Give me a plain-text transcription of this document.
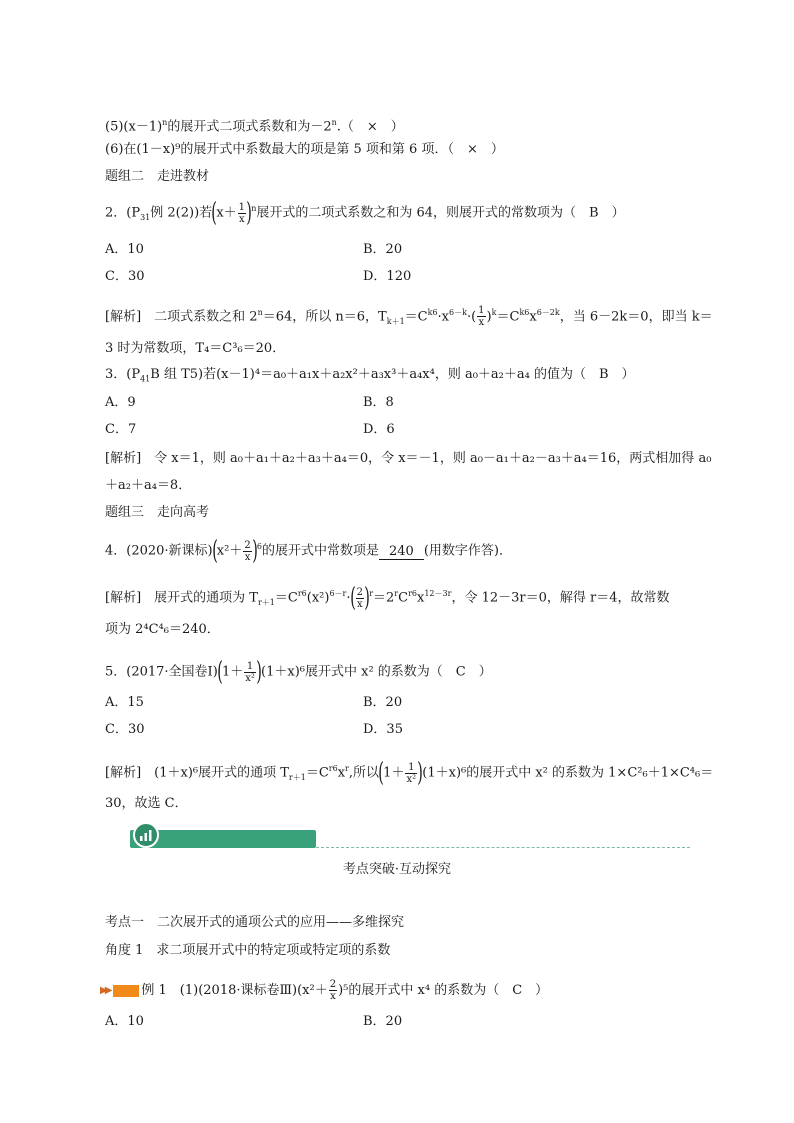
$(5)(x-1)^n$的展开式二项式系数和为$-2^n$.（　×　）
(6)在(1－x)⁹的展开式中系数最大的项是第 5 项和第 6 项．（　×　）
题组二　走进教材
2．($P_{31}$例 2(2))若$(x+ \frac{1}{x} )^n$展开式的二项式系数之和为 64，则展开式的常数项为（　B　）
A．10	B．20
C．30	D．120
[解析]　二项式系数之和 $2^n=64$，所以 n＝6，$T_{k+1}=C^{k6}\cdot x^{6-k}\cdot( \frac{1}{x} )^k=C^{k6}x^{6-2k}$，当 6－2k＝0，即当 k＝
3 时为常数项，T₄＝C³₆＝20．
3．($P_{41}B$ 组 T5)若(x－1)⁴＝a₀＋a₁x＋a₂x²＋a₃x³＋a₄x⁴，则 a₀＋a₂＋a₄ 的值为（　B　）
A．9	B．8
C．7	D．6
[解析]　令 x＝1，则 a₀＋a₁＋a₂＋a₃＋a₄＝0，令 x＝－1，则 a₀－a₁＋a₂－a₃＋a₄＝16，两式相加得 a₀
＋a₂＋a₄＝8．
题组三　走向高考
4．(2020·新课标)$(x^2+ \frac{2}{x} )^6$的展开式中常数项是 240 (用数字作答)．
[解析]　展开式的通项为 $T_{r+1}=C^{r6}(x^2)^{6-r}\cdot( \frac{2}{x} )^r=2^rC^{r6}x^{12-3r}$，令 12－3r＝0，解得 r＝4，故常数
项为 2⁴C⁴₆＝240．
5．(2017·全国卷Ⅰ)(1＋ $\frac{1}{\text{x²}} )(1+x)^6$展开式中 x² 的系数为（　C　）
A．15	B．20
C．30	D．35
[解析]　(1＋x)⁶展开式的通项 $T_{r+1}=C^{r6}x^r$,所以$(1+ \frac{1}{\text{x²}} )(1+x)^6$的展开式中 x² 的系数为 1×C²₆＋1×C⁴₆＝
30，故选 C．
考点突破·互动探究
考点一　二次展开式的通项公式的应用——多维探究
角度 1　求二项展开式中的特定项或特定项的系数
▶▶ 例 1　(1)(2018·课标卷Ⅲ)(x²＋ $\frac{2}{x} )^5$的展开式中 x⁴ 的系数为（　C　）
A．10	B．20
